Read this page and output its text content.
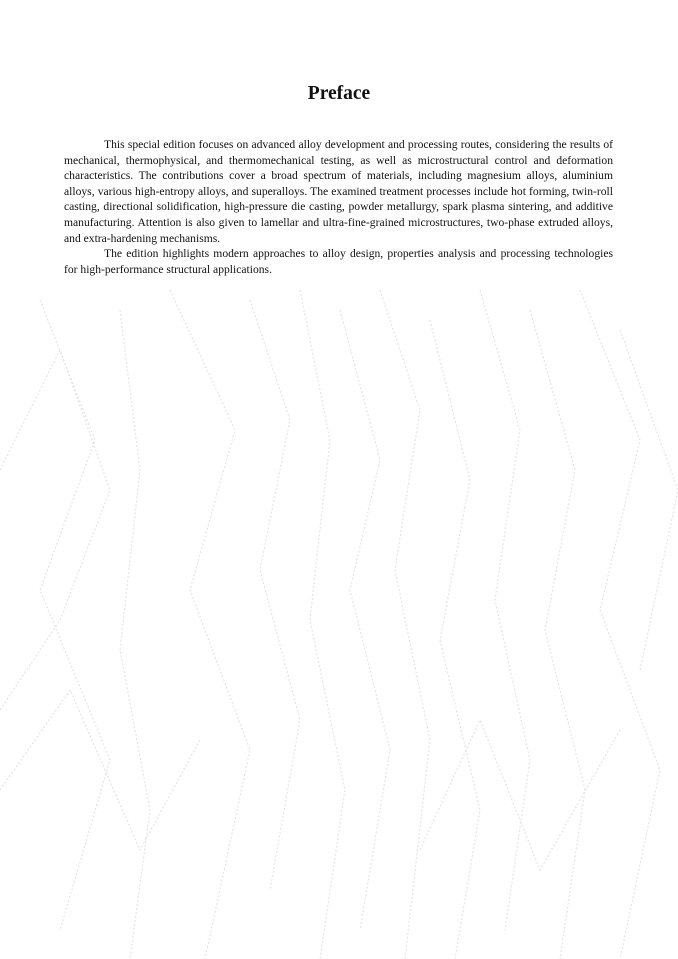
Preface

This special edition focuses on advanced alloy development and processing routes, considering the results of mechanical, thermophysical, and thermomechanical testing, as well as microstructural control and deformation characteristics. The contributions cover a broad spectrum of materials, including magnesium alloys, aluminium alloys, various high-entropy alloys, and superalloys. The examined treatment processes include hot forming, twin-roll casting, directional solidification, high-pressure die casting, powder metallurgy, spark plasma sintering, and additive manufacturing. Attention is also given to lamellar and ultra-fine-grained microstructures, two-phase extruded alloys, and extra-hardening mechanisms.

The edition highlights modern approaches to alloy design, properties analysis and processing technologies for high-performance structural applications.
